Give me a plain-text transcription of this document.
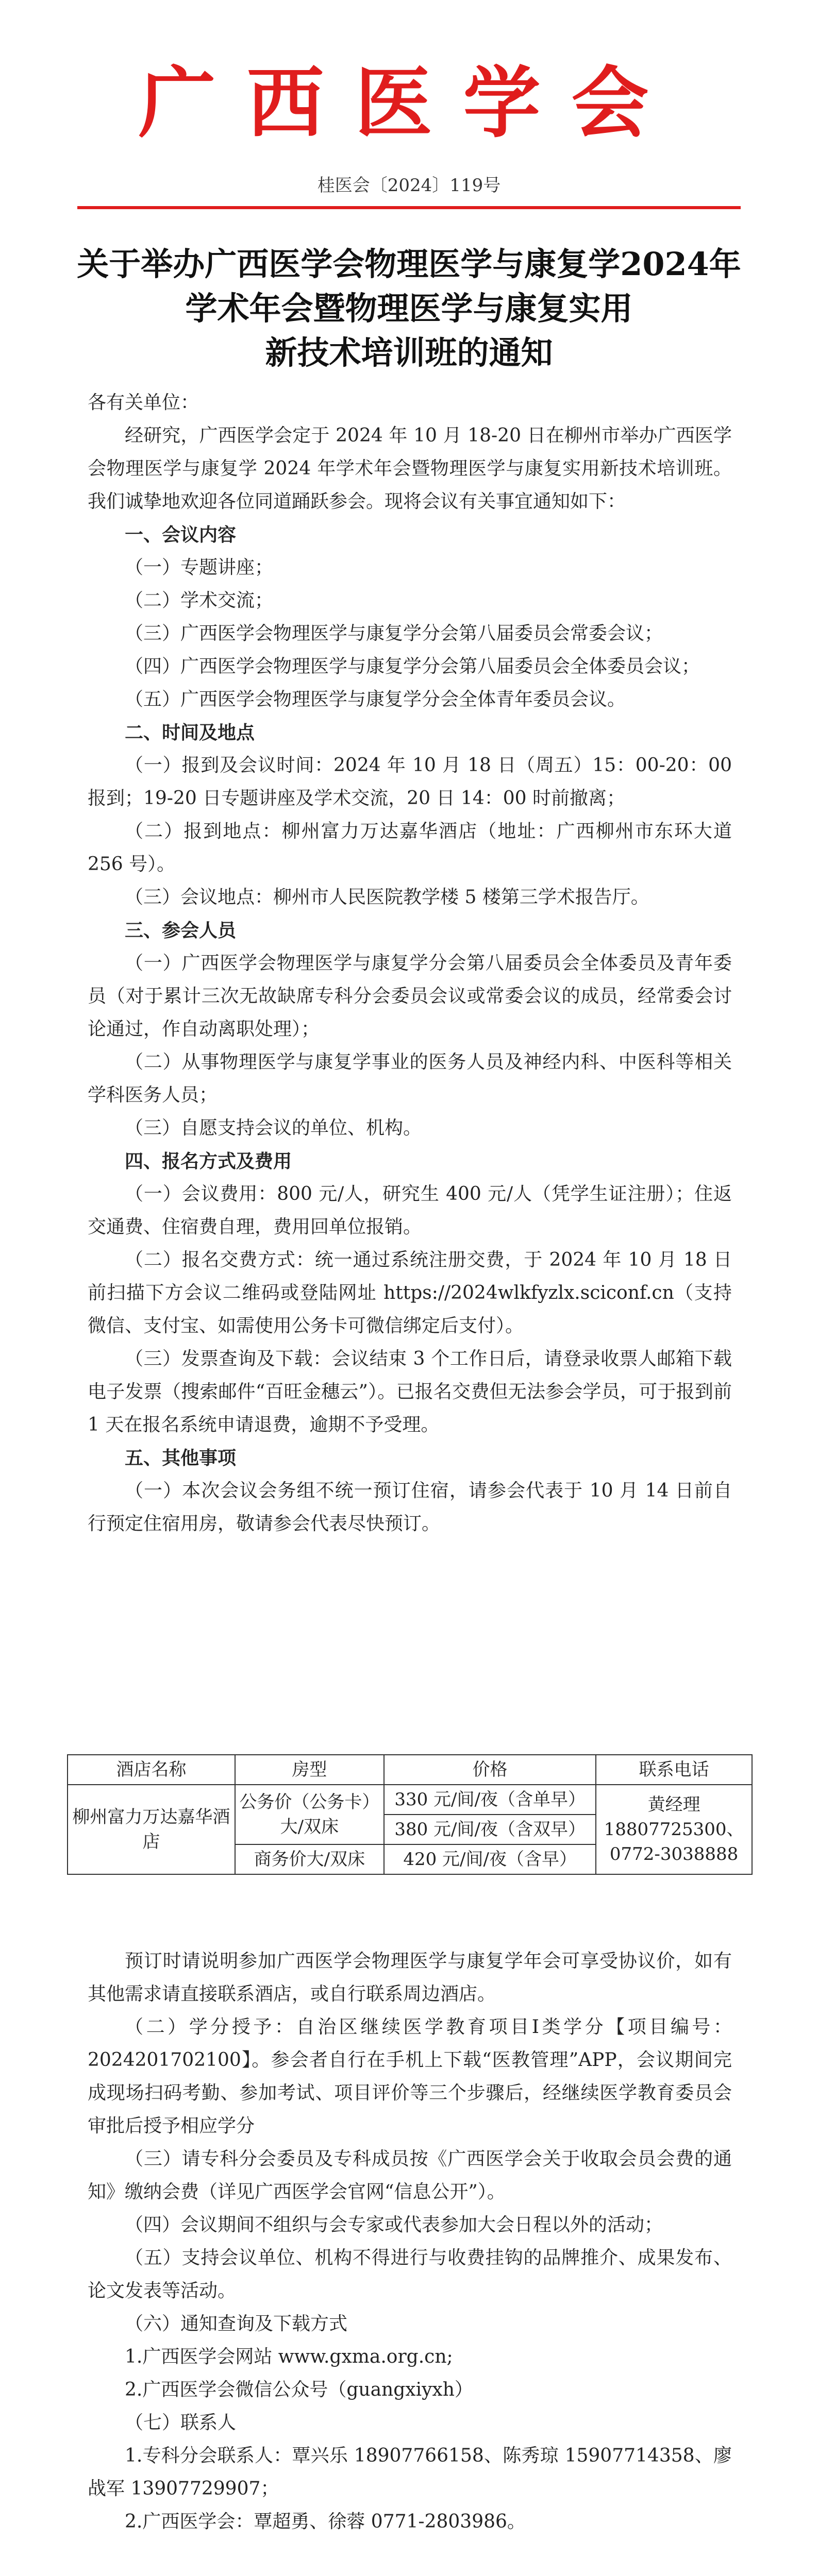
广西医学会
桂医会〔2024〕119号
关于举办广西医学会物理医学与康复学2024年
学术年会暨物理医学与康复实用
新技术培训班的通知

各有关单位：

经研究，广西医学会定于 2024 年 10 月 18-20 日在柳州市举办广西医学会物理医学与康复学 2024 年学术年会暨物理医学与康复实用新技术培训班。我们诚挚地欢迎各位同道踊跃参会。现将会议有关事宜通知如下：

一、会议内容

（一）专题讲座；

（二）学术交流；

（三）广西医学会物理医学与康复学分会第八届委员会常委会议；

（四）广西医学会物理医学与康复学分会第八届委员会全体委员会议；

（五）广西医学会物理医学与康复学分会全体青年委员会议。

二、时间及地点

（一）报到及会议时间：2024 年 10 月 18 日（周五）15：00-20：00 报到；19-20 日专题讲座及学术交流，20 日 14：00 时前撤离；

（二）报到地点：柳州富力万达嘉华酒店（地址：广西柳州市东环大道 256 号）。

（三）会议地点：柳州市人民医院教学楼 5 楼第三学术报告厅。

三、参会人员

（一）广西医学会物理医学与康复学分会第八届委员会全体委员及青年委员（对于累计三次无故缺席专科分会委员会议或常委会议的成员，经常委会讨论通过，作自动离职处理）；

（二）从事物理医学与康复学事业的医务人员及神经内科、中医科等相关学科医务人员；

（三）自愿支持会议的单位、机构。

四、报名方式及费用

（一）会议费用：800 元/人，研究生 400 元/人（凭学生证注册）；住返交通费、住宿费自理，费用回单位报销。

（二）报名交费方式：统一通过系统注册交费，于 2024 年 10 月 18 日前扫描下方会议二维码或登陆网址 https://2024wlkfyzlx.sciconf.cn（支持微信、支付宝、如需使用公务卡可微信绑定后支付）。

（三）发票查询及下载：会议结束 3 个工作日后，请登录收票人邮箱下载电子发票（搜索邮件“百旺金穗云”）。已报名交费但无法参会学员，可于报到前 1 天在报名系统申请退费，逾期不予受理。

五、其他事项

（一）本次会议会务组不统一预订住宿，请参会代表于 10 月 14 日前自行预定住宿用房，敬请参会代表尽快预订。

酒店名称	房型	价格	联系电话
柳州富力万达嘉华酒店	公务价（公务卡）大/双床	330 元/间/夜（含单早）	黄经理 18807725300、0772-3038888
		380 元/间/夜（含双早）	
	商务价大/双床	420 元/间/夜（含早）	

预订时请说明参加广西医学会物理医学与康复学年会可享受协议价，如有其他需求请直接联系酒店，或自行联系周边酒店。

（二）学分授予：自治区继续医学教育项目Ⅰ类学分【项目编号：2024201702100】。参会者自行在手机上下载“医教管理”APP，会议期间完成现场扫码考勤、参加考试、项目评价等三个步骤后，经继续医学教育委员会审批后授予相应学分

（三）请专科分会委员及专科成员按《广西医学会关于收取会员会费的通知》缴纳会费（详见广西医学会官网“信息公开”）。

（四）会议期间不组织与会专家或代表参加大会日程以外的活动；

（五）支持会议单位、机构不得进行与收费挂钩的品牌推介、成果发布、论文发表等活动。

（六）通知查询及下载方式

1.广西医学会网站 www.gxma.org.cn;

2.广西医学会微信公众号（guangxiyxh）

（七）联系人

1.专科分会联系人：覃兴乐 18907766158、陈秀琼 15907714358、廖战军 13907729907；

2.广西医学会：覃超勇、徐蓉 0771-2803986。
